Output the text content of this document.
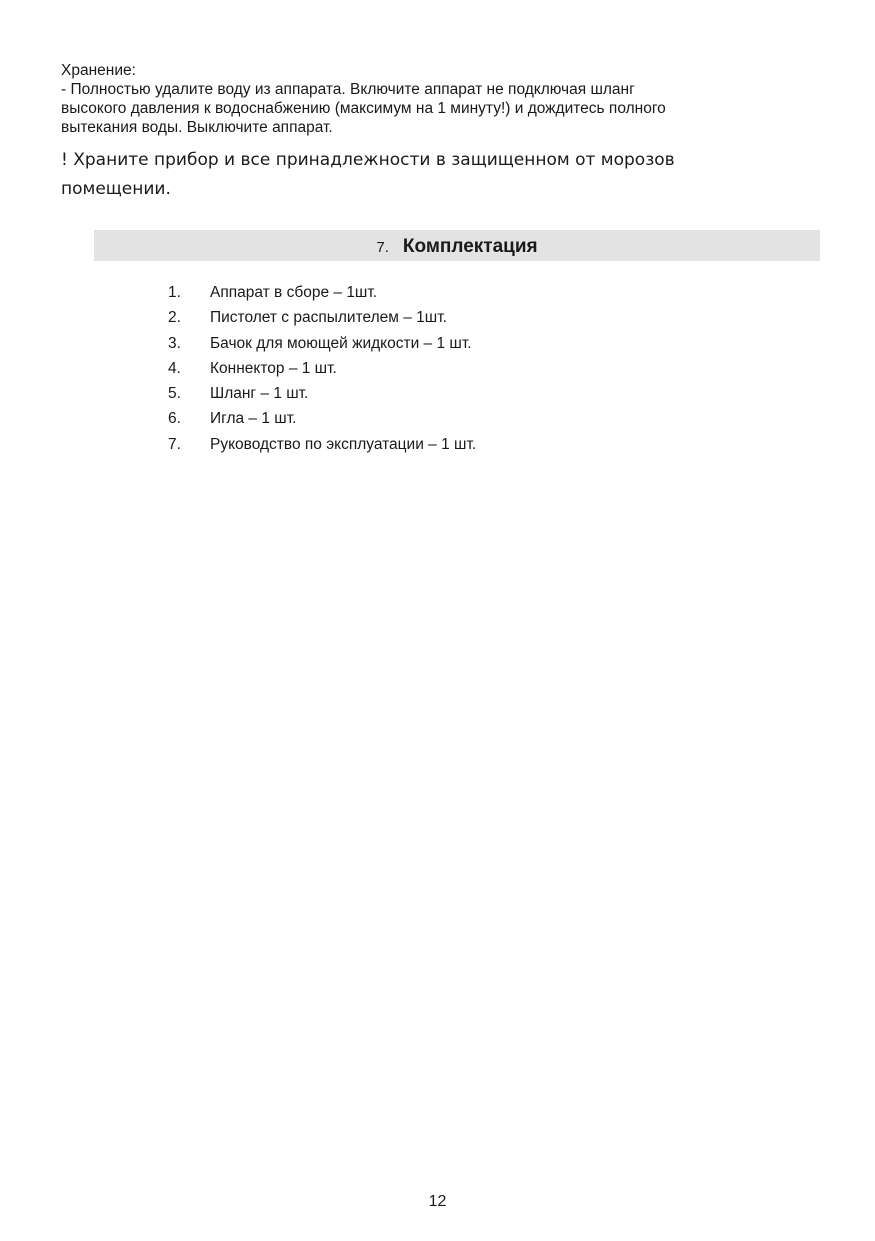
Хранение:

- Полностью удалите воду из аппарата. Включите аппарат не подключая шланг

высокого давления к водоснабжению (максимум на 1 минуту!) и дождитесь полного

вытекания воды. Выключите аппарат.

! Храните прибор и все принадлежности в защищенном от морозов
помещении.
7. Комплектация
1. Аппарат в сборе – 1шт.
2. Пистолет с распылителем – 1шт.
3. Бачок для моющей жидкости – 1 шт.
4. Коннектор – 1 шт.
5. Шланг – 1 шт.
6. Игла – 1 шт.
7. Руководство по эксплуатации – 1 шт.
12
